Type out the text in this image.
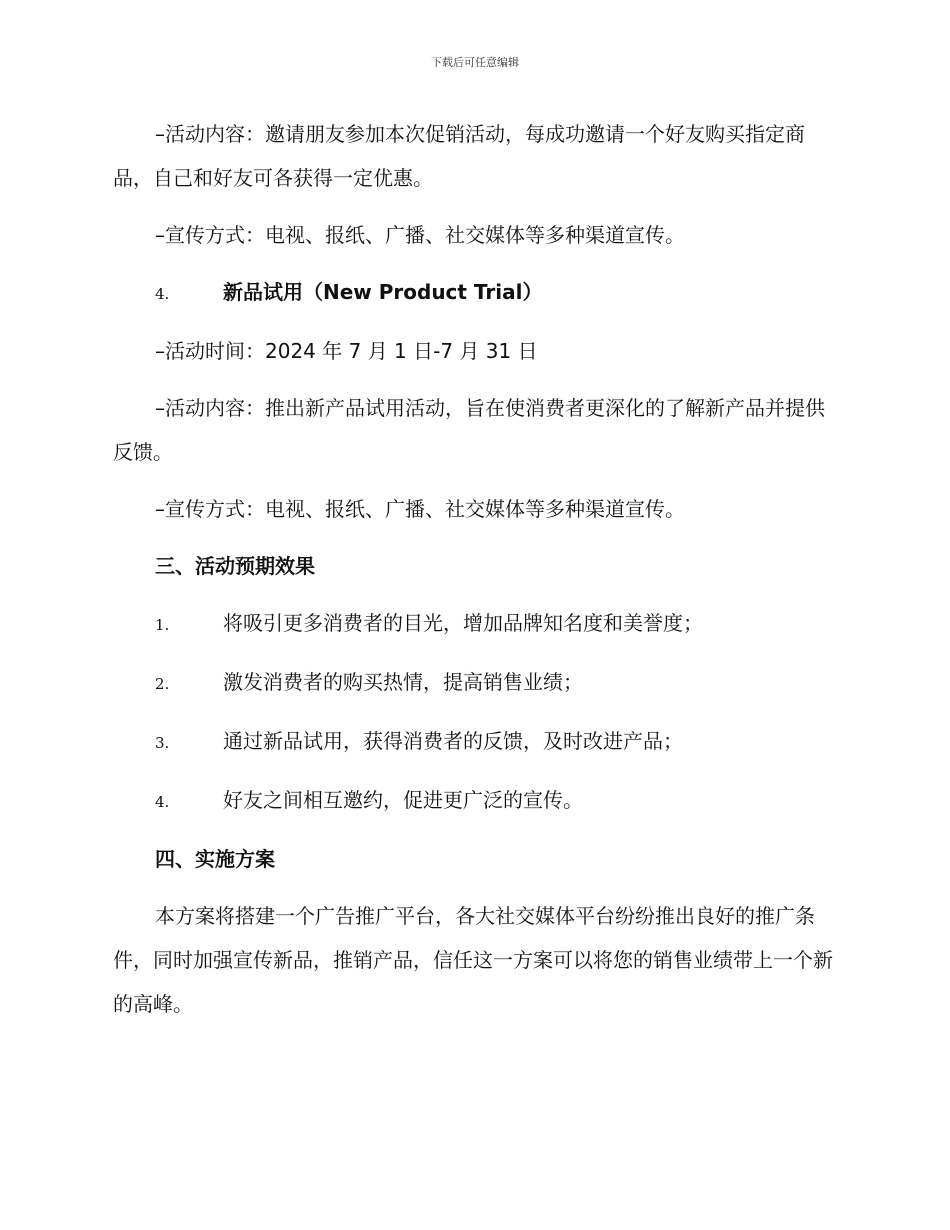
下载后可任意编辑

–活动内容：邀请朋友参加本次促销活动，每成功邀请一个好友购买指定商品，自己和好友可各获得一定优惠。

–宣传方式：电视、报纸、广播、社交媒体等多种渠道宣传。

4.	新品试用（New Product Trial）

–活动时间：2024 年 7 月 1 日-7 月 31 日

–活动内容：推出新产品试用活动，旨在使消费者更深化的了解新产品并提供反馈。

–宣传方式：电视、报纸、广播、社交媒体等多种渠道宣传。

三、活动预期效果

1.	将吸引更多消费者的目光，增加品牌知名度和美誉度；
2.	激发消费者的购买热情，提高销售业绩；
3.	通过新品试用，获得消费者的反馈，及时改进产品；
4.	好友之间相互邀约，促进更广泛的宣传。

四、实施方案

本方案将搭建一个广告推广平台，各大社交媒体平台纷纷推出良好的推广条件，同时加强宣传新品，推销产品，信任这一方案可以将您的销售业绩带上一个新的高峰。
